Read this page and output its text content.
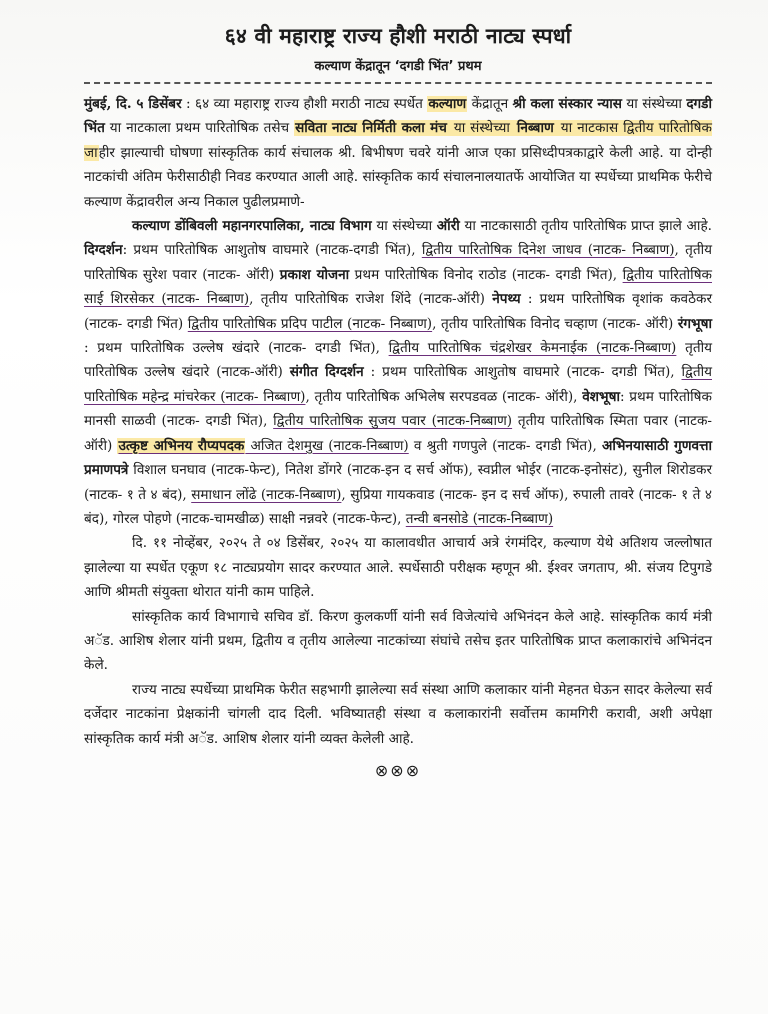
६४ वी महाराष्ट्र राज्य हौशी मराठी नाट्य स्पर्धा
कल्याण केंद्रातून ‘दगडी भिंत’ प्रथम

मुंबई, दि. ५ डिसेंबर : ६४ व्या महाराष्ट्र राज्य हौशी मराठी नाट्य स्पर्धेत कल्याण केंद्रातून श्री कला संस्कार न्यास या संस्थेच्या दगडी भिंत या नाटकाला प्रथम पारितोषिक तसेच सविता नाट्य निर्मिती कला मंच या संस्थेच्या निब्बाण या नाटकास द्वितीय पारितोषिक जाहीर झाल्याची घोषणा सांस्कृतिक कार्य संचालक श्री. बिभीषण चवरे यांनी आज एका प्रसिध्दीपत्रकाद्वारे केली आहे. या दोन्ही नाटकांची अंतिम फेरीसाठीही निवड करण्यात आली आहे. सांस्कृतिक कार्य संचालनालयातर्फे आयोजित या स्पर्धेच्या प्राथमिक फेरीचे कल्याण केंद्रावरील अन्य निकाल पुढीलप्रमाणे-

कल्याण डोंबिवली महानगरपालिका, नाट्य विभाग या संस्थेच्या ऑरी या नाटकासाठी तृतीय पारितोषिक प्राप्त झाले आहे. दिग्दर्शन: प्रथम पारितोषिक आशुतोष वाघमारे (नाटक-दगडी भिंत), द्वितीय पारितोषिक दिनेश जाधव (नाटक- निब्बाण), तृतीय पारितोषिक सुरेश पवार (नाटक- ऑरी) प्रकाश योजना प्रथम पारितोषिक विनोद राठोड (नाटक- दगडी भिंत), द्वितीय पारितोषिक साई शिरसेकर (नाटक- निब्बाण), तृतीय पारितोषिक राजेश शिंदे (नाटक-ऑरी) नेपथ्य : प्रथम पारितोषिक वृशांक कवठेकर (नाटक- दगडी भिंत) द्वितीय पारितोषिक प्रदिप पाटील (नाटक- निब्बाण), तृतीय पारितोषिक विनोद चव्हाण (नाटक- ऑरी) रंगभूषा : प्रथम पारितोषिक उल्लेष खंदारे (नाटक- दगडी भिंत), द्वितीय पारितोषिक चंद्रशेखर केमनाईक (नाटक-निब्बाण) तृतीय पारितोषिक उल्लेष खंदारे (नाटक-ऑरी) संगीत दिग्दर्शन : प्रथम पारितोषिक आशुतोष वाघमारे (नाटक- दगडी भिंत), द्वितीय पारितोषिक महेन्द्र मांचरेकर (नाटक- निब्बाण), तृतीय पारितोषिक अभिलेष सरपडवळ (नाटक- ऑरी), वेशभूषा: प्रथम पारितोषिक मानसी साळवी (नाटक- दगडी भिंत), द्वितीय पारितोषिक सुजय पवार (नाटक-निब्बाण) तृतीय पारितोषिक स्मिता पवार (नाटक- ऑरी) उत्कृष्ट अभिनय रौप्यपदक अजित देशमुख (नाटक-निब्बाण) व श्रुती गणपुले (नाटक- दगडी भिंत), अभिनयासाठी गुणवत्ता प्रमाणपत्रे विशाल घनघाव (नाटक-फेन्ट), नितेश डोंगरे (नाटक-इन द सर्च ऑफ), स्वप्नील भोईर (नाटक-इनोसंट), सुनील शिरोडकर (नाटक- १ ते ४ बंद), समाधान लोंढे (नाटक-निब्बाण), सुप्रिया गायकवाड (नाटक- इन द सर्च ऑफ), रुपाली तावरे (नाटक- १ ते ४ बंद), गोरल पोहणे (नाटक-चामखीळ) साक्षी नन्नवरे (नाटक-फेन्ट), तन्वी बनसोडे (नाटक-निब्बाण)

दि. ११ नोव्हेंबर, २०२५ ते ०४ डिसेंबर, २०२५ या कालावधीत आचार्य अत्रे रंगमंदिर, कल्याण येथे अतिशय जल्लोषात झालेल्या या स्पर्धेत एकूण १८ नाट्यप्रयोग सादर करण्यात आले. स्पर्धेसाठी परीक्षक म्हणून श्री. ईश्वर जगताप, श्री. संजय टिपुगडे आणि श्रीमती संयुक्ता थोरात यांनी काम पाहिले.

सांस्कृतिक कार्य विभागाचे सचिव डॉ. किरण कुलकर्णी यांनी सर्व विजेत्यांचे अभिनंदन केले आहे. सांस्कृतिक कार्य मंत्री अॅड. आशिष शेलार यांनी प्रथम, द्वितीय व तृतीय आलेल्या नाटकांच्या संघांचे तसेच इतर पारितोषिक प्राप्त कलाकारांचे अभिनंदन केले.

राज्य नाट्य स्पर्धेच्या प्राथमिक फेरीत सहभागी झालेल्या सर्व संस्था आणि कलाकार यांनी मेहनत घेऊन सादर केलेल्या सर्व दर्जेदार नाटकांना प्रेक्षकांनी चांगली दाद दिली. भविष्यातही संस्था व कलाकारांनी सर्वोत्तम कामगिरी करावी, अशी अपेक्षा सांस्कृतिक कार्य मंत्री अॅड. आशिष शेलार यांनी व्यक्त केलेली आहे.

⊗⊗⊗
